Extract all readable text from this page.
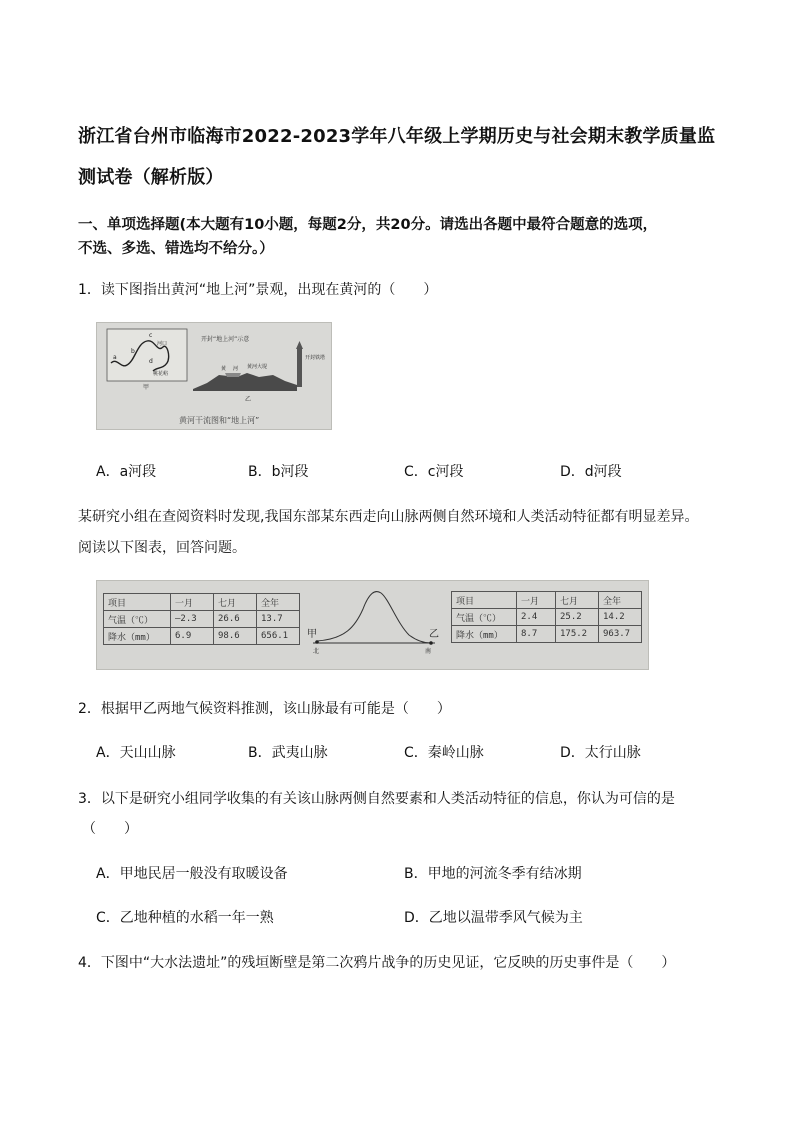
浙江省台州市临海市2022-2023学年八年级上学期历史与社会期末教学质量监
测试卷（解析版）
一、单项选择题(本大题有10小题，每题2分，共20分。请选出各题中最符合题意的选项，
不选、多选、错选均不给分。）
1．读下图指出黄河“地上河”景观，出现在黄河的（　　）
a
b
c
d
河口
桃花峪
甲
开封“地上河”示意
黄 河 黄河大堤
开封铁塔
乙
黄河干流图和“地上河”
A．a河段	B．b河段	C．c河段	D．d河段
某研究小组在查阅资料时发现,我国东部某东西走向山脉两侧自然环境和人类活动特征都有明显差异。
阅读以下图表，回答问题。
项目	一月	七月	全年
气温（℃）	—2.3	26.6	13.7
降水（mm）	6.9	98.6	656.1 甲	乙
北	南
项目	一月	七月	全年
气温（℃）	2.4	25.2	14.2
降水（mm）	8.7	175.2	963.7
2．根据甲乙两地气候资料推测，该山脉最有可能是（　　）
A．天山山脉	B．武夷山脉	C．秦岭山脉	D．太行山脉
3．以下是研究小组同学收集的有关该山脉两侧自然要素和人类活动特征的信息，你认为可信的是
（　　）
A．甲地民居一般没有取暖设备	B．甲地的河流冬季有结冰期
C．乙地种植的水稻一年一熟	D．乙地以温带季风气候为主
4．下图中“大水法遗址”的残垣断壁是第二次鸦片战争的历史见证，它反映的历史事件是（　　）
